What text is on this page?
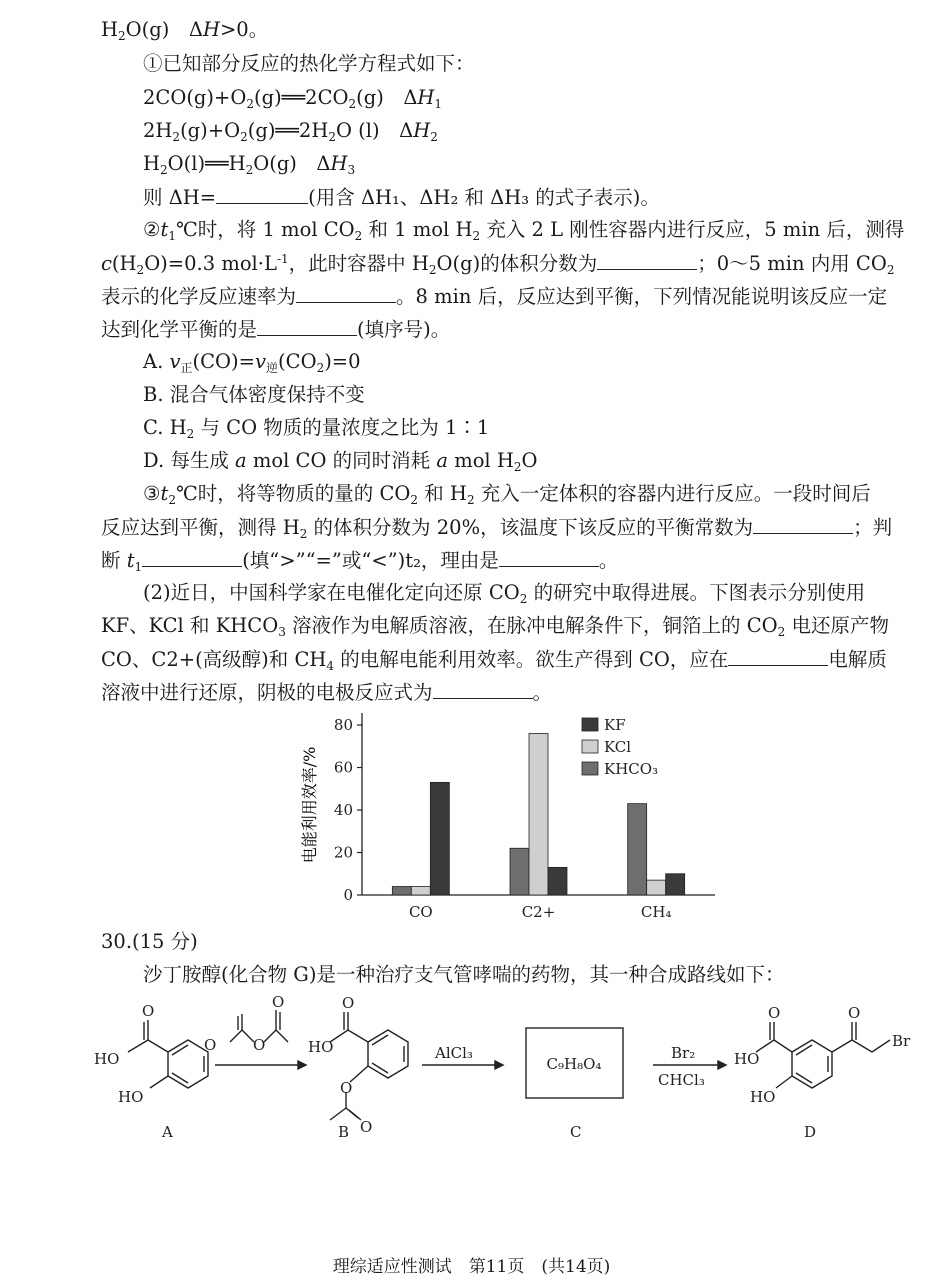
$H_2O(g)$　ΔH>0。
①已知部分反应的热化学方程式如下：
$2CO(g)+O_2(g)══2CO_2(g)$　$\Delta H_1$
$2H_2(g)+O_2(g)══2H_2O$ (l)　$\Delta H_2$
$H_2O(l)══H_2O(g)$　$\Delta H_3$
则 ΔH=	(用含 ΔH₁、ΔH₂ 和 ΔH₃ 的式子表示)。
$②t_1℃$时，将 1 mol $CO_2$ 和 1 mol $H_2$ 充入 2 L 刚性容器内进行反应，5 min 后，测得
$c(H_2O)=0.3$ $mol\cdot L^{-1}$，此时容器中 $H_2O(g)$的体积分数为	；0～5 min 内用 $CO_2$
表示的化学反应速率为	。8 min 后，反应达到平衡，下列情况能说明该反应一定
达到化学平衡的是	(填序号)。
A. $v_正(CO)=v_逆(CO_2)=0$
B. 混合气体密度保持不变
C. $H_2$ 与 CO 物质的量浓度之比为 1∶1
D. 每生成 a mol CO 的同时消耗 a mol $H_2O$
$③t_2℃$时，将等物质的量的 $CO_2$ 和 $H_2$ 充入一定体积的容器内进行反应。一段时间后
反应达到平衡，测得 $H_2$ 的体积分数为 20%，该温度下该反应的平衡常数为	；判
断 $t_1$	(填“>”“=”或“<”)t₂，理由是	。
(2)近日，中国科学家在电催化定向还原 $CO_2$ 的研究中取得进展。下图表示分别使用
KF、KCl 和 $KHCO_3$ 溶液作为电解质溶液，在脉冲电解条件下，铜箔上的 $CO_2$ 电还原产物
CO、C2+(高级醇)和 $CH_4$ 的电解电能利用效率。欲生产得到 CO，应在	电解质
溶液中进行还原，阴极的电极反应式为	。
0
20
40
60
80
CO	C2+	CH₄
KF
KCl
KHCO₃
电能利用效率/%
30.(15 分)
沙丁胺醇(化合物 G)是一种治疗支气管哮喘的药物，其一种合成路线如下：
O
HO
HO
A
O O
O	O
HO
O
O
B
AlCl₃
C₉H₈O₄
C
Br₂
CHCl₃
O
HO
HO
O
Br
D
理综适应性测试　第11页　(共14页)
